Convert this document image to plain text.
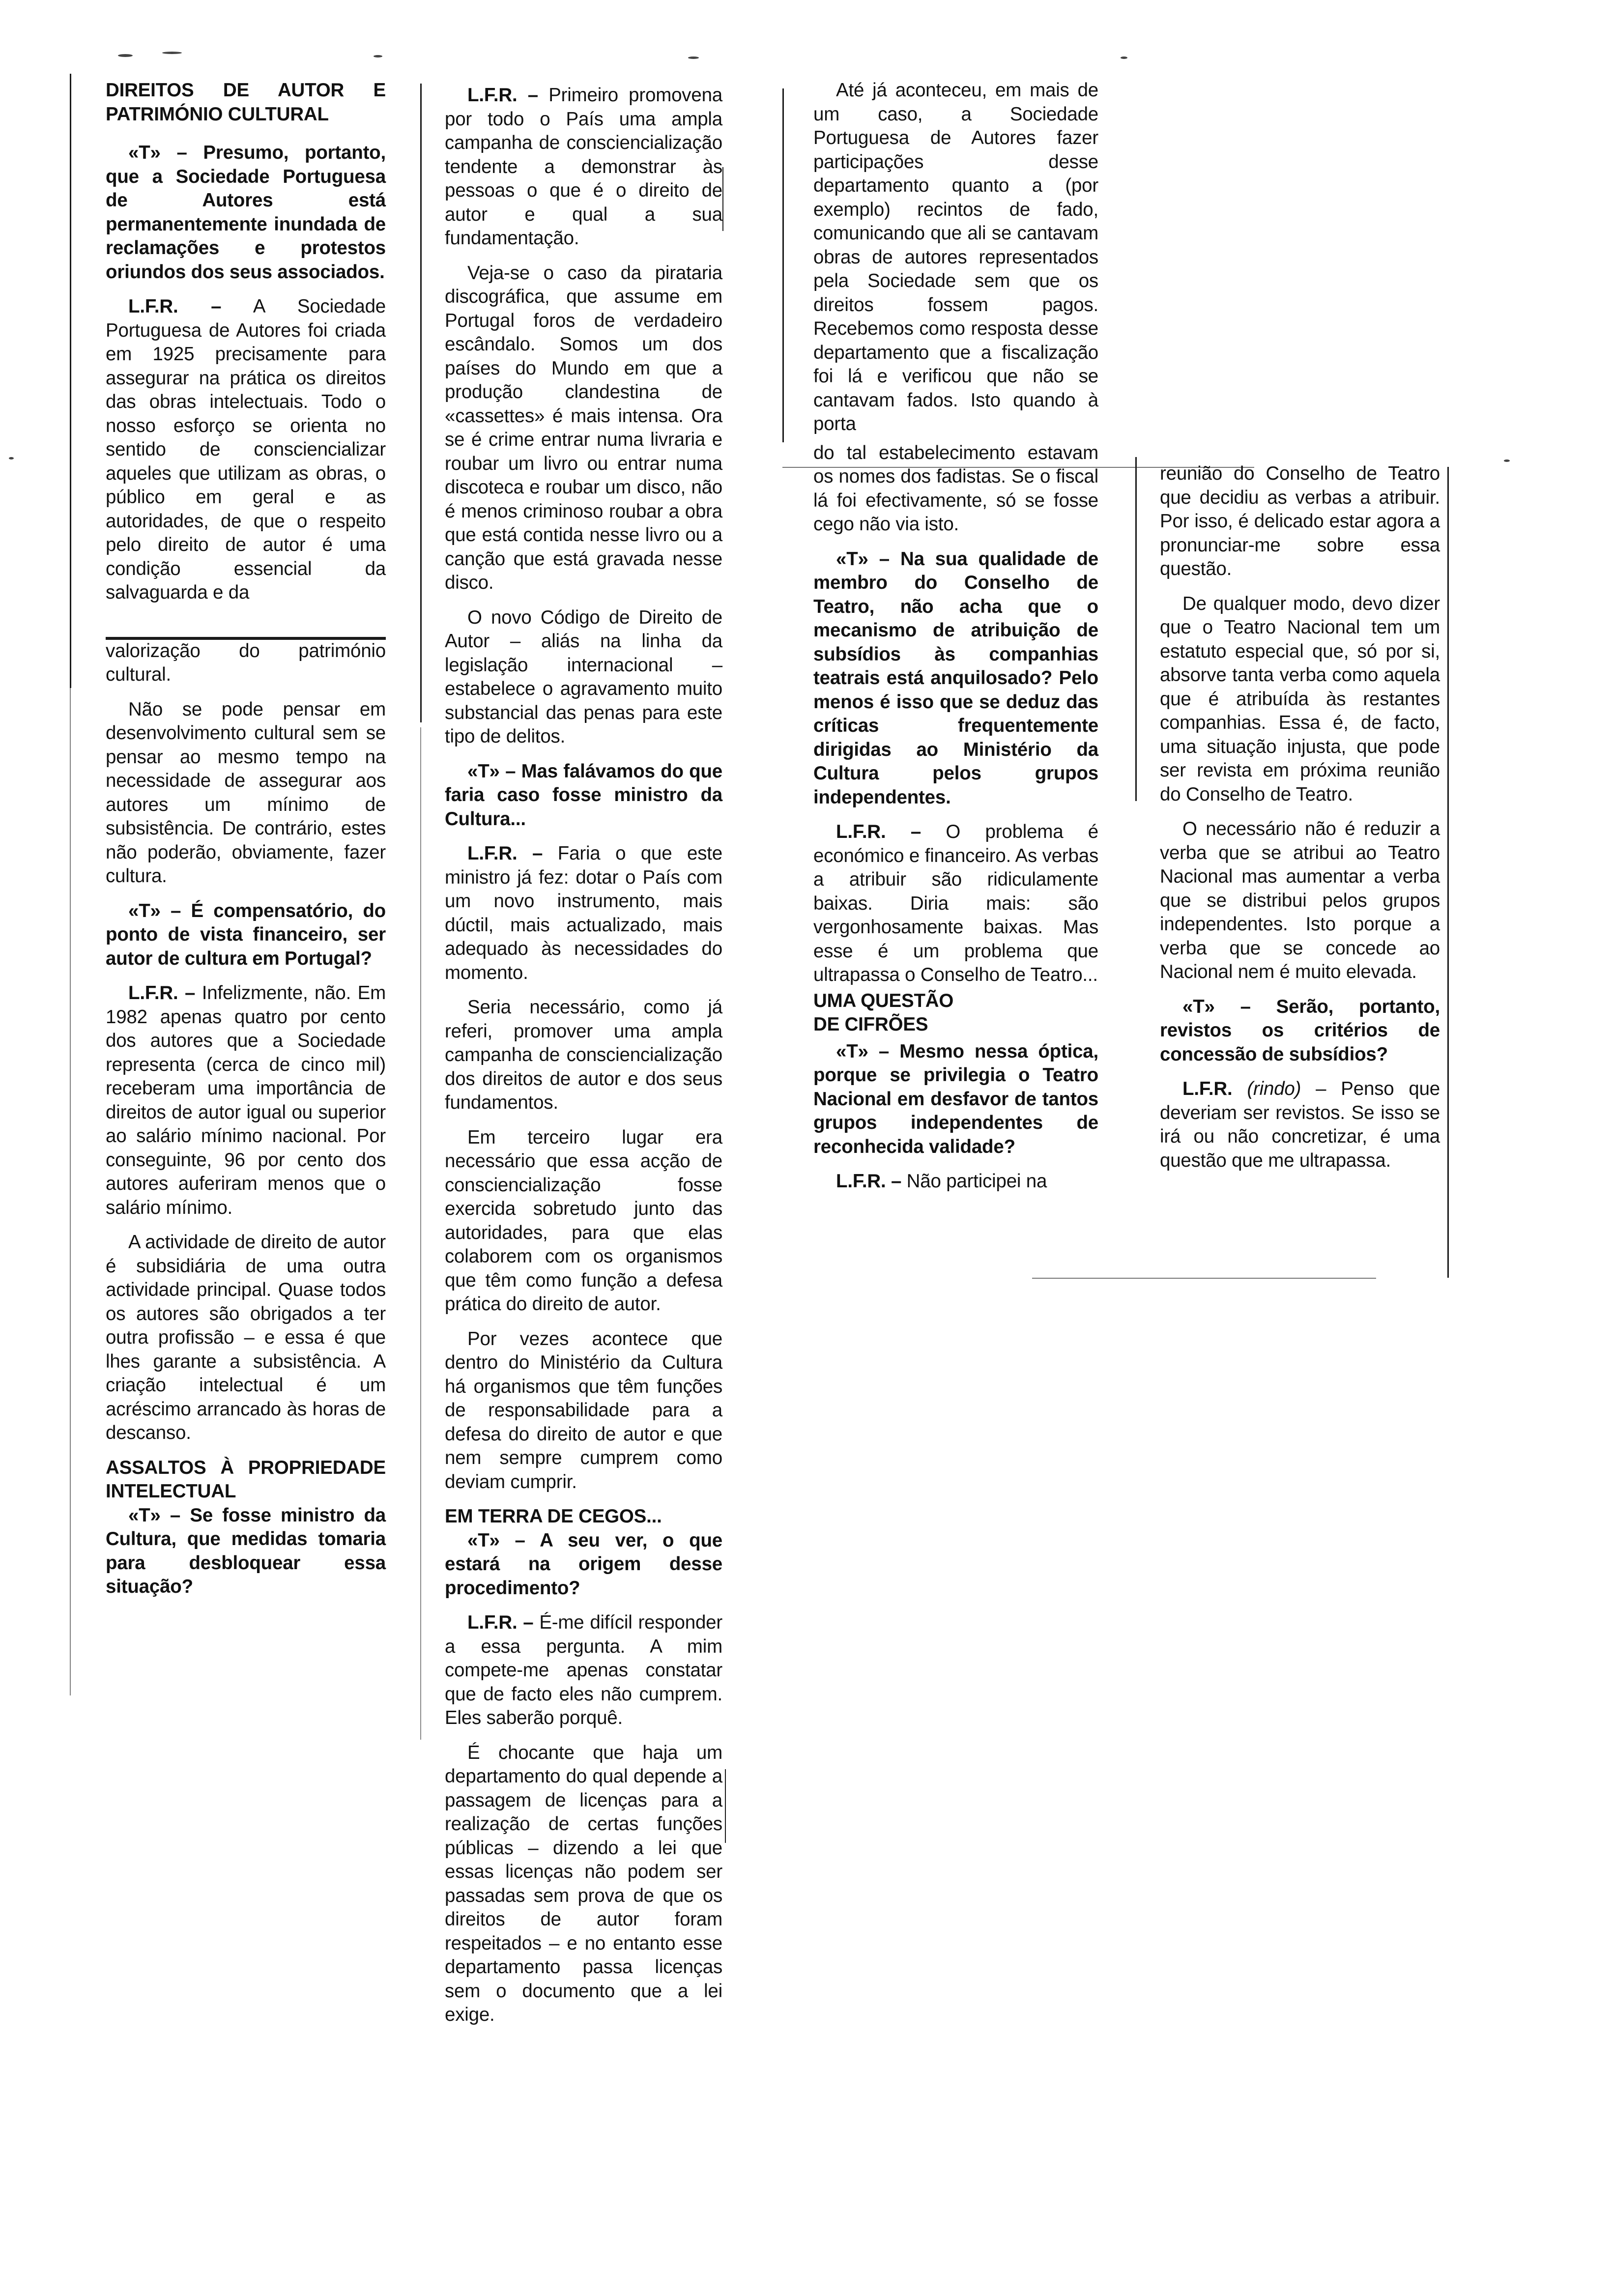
DIREITOS DE AUTOR E PATRIMÓNIO CULTURAL

«T» – Presumo, portanto, que a Sociedade Portuguesa de Autores está permanentemente inundada de reclamações e protestos oriundos dos seus associados.

L.F.R. – A Sociedade Portuguesa de Autores foi criada em 1925 precisamente para assegurar na prática os direitos das obras intelectuais. Todo o nosso esforço se orienta no sentido de consciencializar aqueles que utilizam as obras, o público em geral e as autoridades, de que o respeito pelo direito de autor é uma condição essencial da salvaguarda e da

valorização do património cultural.

Não se pode pensar em desenvolvimento cultural sem se pensar ao mesmo tempo na necessidade de assegurar aos autores um mínimo de subsistência. De contrário, estes não poderão, obviamente, fazer cultura.

«T» – É compensatório, do ponto de vista financeiro, ser autor de cultura em Portugal?

L.F.R. – Infelizmente, não. Em 1982 apenas quatro por cento dos autores que a Sociedade representa (cerca de cinco mil) receberam uma importância de direitos de autor igual ou superior ao salário mínimo nacional. Por conseguinte, 96 por cento dos autores auferiram menos que o salário mínimo.

A actividade de direito de autor é subsidiária de uma outra actividade principal. Quase todos os autores são obrigados a ter outra profissão – e essa é que lhes garante a subsistência. A criação intelectual é um acréscimo arrancado às horas de descanso.

ASSALTOS À PROPRIEDADE INTELECTUAL

«T» – Se fosse ministro da Cultura, que medidas tomaria para desbloquear essa situação?

L.F.R. – Primeiro promovena por todo o País uma ampla campanha de consciencialização tendente a demonstrar às pessoas o que é o direito de autor e qual a sua fundamentação.

Veja-se o caso da pirataria discográfica, que assume em Portugal foros de verdadeiro escândalo. Somos um dos países do Mundo em que a produção clandestina de «cassettes» é mais intensa. Ora se é crime entrar numa livraria e roubar um livro ou entrar numa discoteca e roubar um disco, não é menos criminoso roubar a obra que está contida nesse livro ou a canção que está gravada nesse disco.

O novo Código de Direito de Autor – aliás na linha da legislação internacional – estabelece o agravamento muito substancial das penas para este tipo de delitos.

«T» – Mas falávamos do que faria caso fosse ministro da Cultura...

L.F.R. – Faria o que este ministro já fez: dotar o País com um novo instrumento, mais dúctil, mais actualizado, mais adequado às necessidades do momento.

Seria necessário, como já referi, promover uma ampla campanha de consciencialização dos direitos de autor e dos seus fundamentos.

Em terceiro lugar era necessário que essa acção de consciencialização fosse exercida sobretudo junto das autoridades, para que elas colaborem com os organismos que têm como função a defesa prática do direito de autor.

Por vezes acontece que dentro do Ministério da Cultura há organismos que têm funções de responsabilidade para a defesa do direito de autor e que nem sempre cumprem como deviam cumprir.

EM TERRA DE CEGOS...

«T» – A seu ver, o que estará na origem desse procedimento?

L.F.R. – É-me difícil responder a essa pergunta. A mim compete-me apenas constatar que de facto eles não cumprem. Eles saberão porquê.

É chocante que haja um departamento do qual depende a passagem de licenças para a realização de certas funções públicas – dizendo a lei que essas licenças não podem ser passadas sem prova de que os direitos de autor foram respeitados – e no entanto esse departamento passa licenças sem o documento que a lei exige.

Até já aconteceu, em mais de um caso, a Sociedade Portuguesa de Autores fazer participações desse departamento quanto a (por exemplo) recintos de fado, comunicando que ali se cantavam obras de autores representados pela Sociedade sem que os direitos fossem pagos. Recebemos como resposta desse departamento que a fiscalização foi lá e verificou que não se cantavam fados. Isto quando à porta

do tal estabelecimento estavam os nomes dos fadistas. Se o fiscal lá foi efectivamente, só se fosse cego não via isto.

«T» – Na sua qualidade de membro do Conselho de Teatro, não acha que o mecanismo de atribuição de subsídios às companhias teatrais está anquilosado? Pelo menos é isso que se deduz das críticas frequentemente dirigidas ao Ministério da Cultura pelos grupos independentes.

L.F.R. – O problema é económico e financeiro. As verbas a atribuir são ridiculamente baixas. Diria mais: são vergonhosamente baixas. Mas esse é um problema que ultrapassa o Conselho de Teatro...

UMA QUESTÃO

DE CIFRÕES

«T» – Mesmo nessa óptica, porque se privilegia o Teatro Nacional em desfavor de tantos grupos independentes de reconhecida validade?

L.F.R. – Não participei na

reunião do Conselho de Teatro que decidiu as verbas a atribuir. Por isso, é delicado estar agora a pronunciar-me sobre essa questão.

De qualquer modo, devo dizer que o Teatro Nacional tem um estatuto especial que, só por si, absorve tanta verba como aquela que é atribuída às restantes companhias. Essa é, de facto, uma situação injusta, que pode ser revista em próxima reunião do Conselho de Teatro.

O necessário não é reduzir a verba que se atribui ao Teatro Nacional mas aumentar a verba que se distribui pelos grupos independentes. Isto porque a verba que se concede ao Nacional nem é muito elevada.

«T» – Serão, portanto, revistos os critérios de concessão de subsídios?

L.F.R. (rindo) – Penso que deveriam ser revistos. Se isso se irá ou não concretizar, é uma questão que me ultrapassa.
